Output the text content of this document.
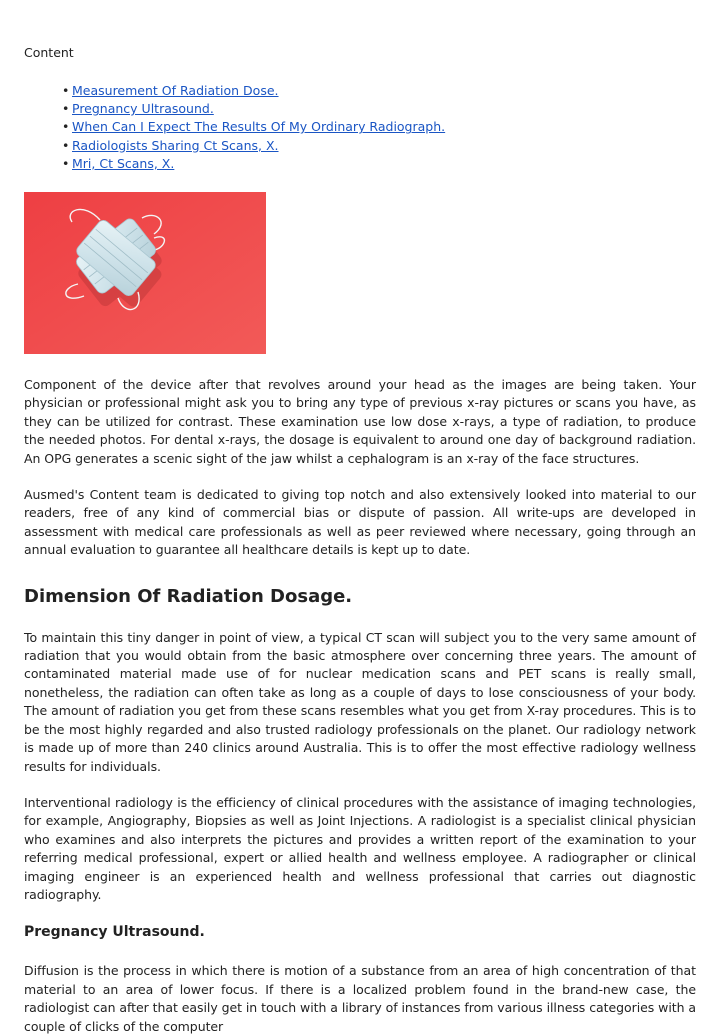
Content
• Measurement Of Radiation Dose.
• Pregnancy Ultrasound.
• When Can I Expect The Results Of My Ordinary Radiograph.
• Radiologists Sharing Ct Scans, X.
• Mri, Ct Scans, X.

Component of the device after that revolves around your head as the images are being taken. Your physician or professional might ask you to bring any type of previous x-ray pictures or scans you have, as they can be utilized for contrast. These examination use low dose x-rays, a type of radiation, to produce the needed photos. For dental x-rays, the dosage is equivalent to around one day of background radiation. An OPG generates a scenic sight of the jaw whilst a cephalogram is an x-ray of the face structures.

Ausmed's Content team is dedicated to giving top notch and also extensively looked into material to our readers, free of any kind of commercial bias or dispute of passion. All write-ups are developed in assessment with medical care professionals as well as peer reviewed where necessary, going through an annual evaluation to guarantee all healthcare details is kept up to date.

Dimension Of Radiation Dosage.

To maintain this tiny danger in point of view, a typical CT scan will subject you to the very same amount of radiation that you would obtain from the basic atmosphere over concerning three years. The amount of contaminated material made use of for nuclear medication scans and PET scans is really small, nonetheless, the radiation can often take as long as a couple of days to lose consciousness of your body. The amount of radiation you get from these scans resembles what you get from X-ray procedures. This is to be the most highly regarded and also trusted radiology professionals on the planet. Our radiology network is made up of more than 240 clinics around Australia. This is to offer the most effective radiology wellness results for individuals.

Interventional radiology is the efficiency of clinical procedures with the assistance of imaging technologies, for example, Angiography, Biopsies as well as Joint Injections. A radiologist is a specialist clinical physician who examines and also interprets the pictures and provides a written report of the examination to your referring medical professional, expert or allied health and wellness employee. A radiographer or clinical imaging engineer is an experienced health and wellness professional that carries out diagnostic radiography.

Pregnancy Ultrasound.

Diffusion is the process in which there is motion of a substance from an area of high concentration of that material to an area of lower focus. If there is a localized problem found in the brand-new case, the radiologist can after that easily get in touch with a library of instances from various illness categories with a couple of clicks of the computer
